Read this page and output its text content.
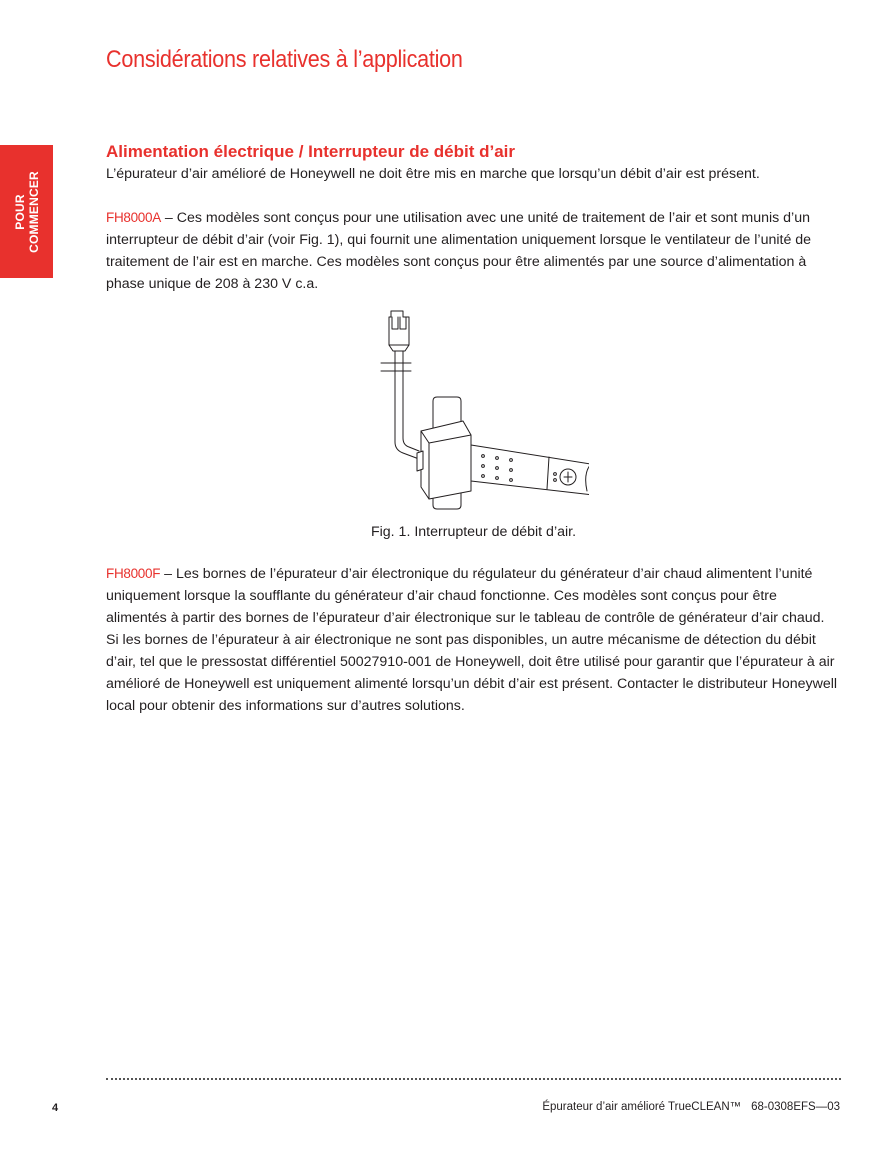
Considérations relatives à l’application
POUR COMMENCER
Alimentation électrique / Interrupteur de débit d’air

L’épurateur d’air amélioré de Honeywell ne doit être mis en marche que lorsqu’un débit d’air est présent.

FH8000A – Ces modèles sont conçus pour une utilisation avec une unité de traitement de l’air et sont munis d’un interrupteur de débit d’air (voir Fig. 1), qui fournit une alimentation uniquement lorsque le ventilateur de l’unité de traitement de l’air est en marche. Ces modèles sont conçus pour être alimentés par une source d’alimentation à phase unique de 208 à 230 V c.a.

Fig. 1. Interrupteur de débit d’air.

FH8000F – Les bornes de l’épurateur d’air électronique du régulateur du générateur d’air chaud alimentent l’unité uniquement lorsque la soufflante du générateur d’air chaud fonctionne. Ces modèles sont conçus pour être alimentés à partir des bornes de l’épurateur d’air électronique sur le tableau de contrôle de générateur d’air chaud. Si les bornes de l’épurateur à air électronique ne sont pas disponibles, un autre mécanisme de détection du débit d’air, tel que le pressostat différentiel 50027910-001 de Honeywell, doit être utilisé pour garantir que l’épurateur à air amélioré de Honeywell est uniquement alimenté lorsqu’un débit d’air est présent. Contacter le distributeur Honeywell local pour obtenir des informations sur d’autres solutions.

4	Épurateur d’air amélioré TrueCLEAN™ 68-0308EFS—03
